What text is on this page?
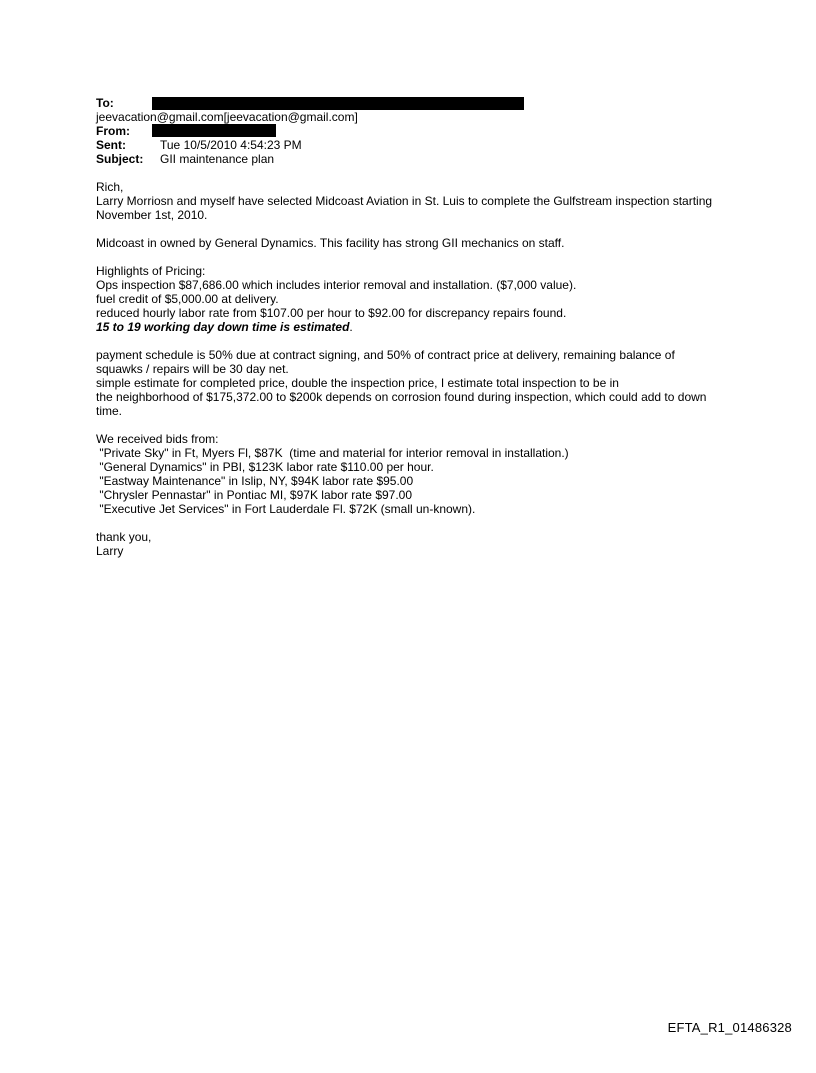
To:
jeevacation@gmail.com[jeevacation@gmail.com]
From:
Sent:	Tue 10/5/2010 4:54:23 PM
Subject: GII maintenance plan
Rich,
Larry Morriosn and myself have selected Midcoast Aviation in St. Luis to complete the Gulfstream inspection starting November 1st, 2010.
Midcoast in owned by General Dynamics. This facility has strong GII mechanics on staff.
Highlights of Pricing:
Ops inspection $87,686.00 which includes interior removal and installation. ($7,000 value).
fuel credit of $5,000.00 at delivery.
reduced hourly labor rate from $107.00 per hour to $92.00 for discrepancy repairs found.
15 to 19 working day down time is estimated.
payment schedule is 50% due at contract signing, and 50% of contract price at delivery, remaining balance of squawks / repairs will be 30 day net.
simple estimate for completed price, double the inspection price, I estimate total inspection to be in
the neighborhood of $175,372.00 to $200k depends on corrosion found during inspection, which could add to down time.
We received bids from:
"Private Sky" in Ft, Myers Fl, $87K  (time and material for interior removal in installation.)
"General Dynamics" in PBI, $123K labor rate $110.00 per hour.
"Eastway Maintenance" in Islip, NY, $94K labor rate $95.00
"Chrysler Pennastar" in Pontiac MI, $97K labor rate $97.00
"Executive Jet Services" in Fort Lauderdale Fl. $72K (small un-known).
thank you,
Larry
EFTA_R1_01486328
